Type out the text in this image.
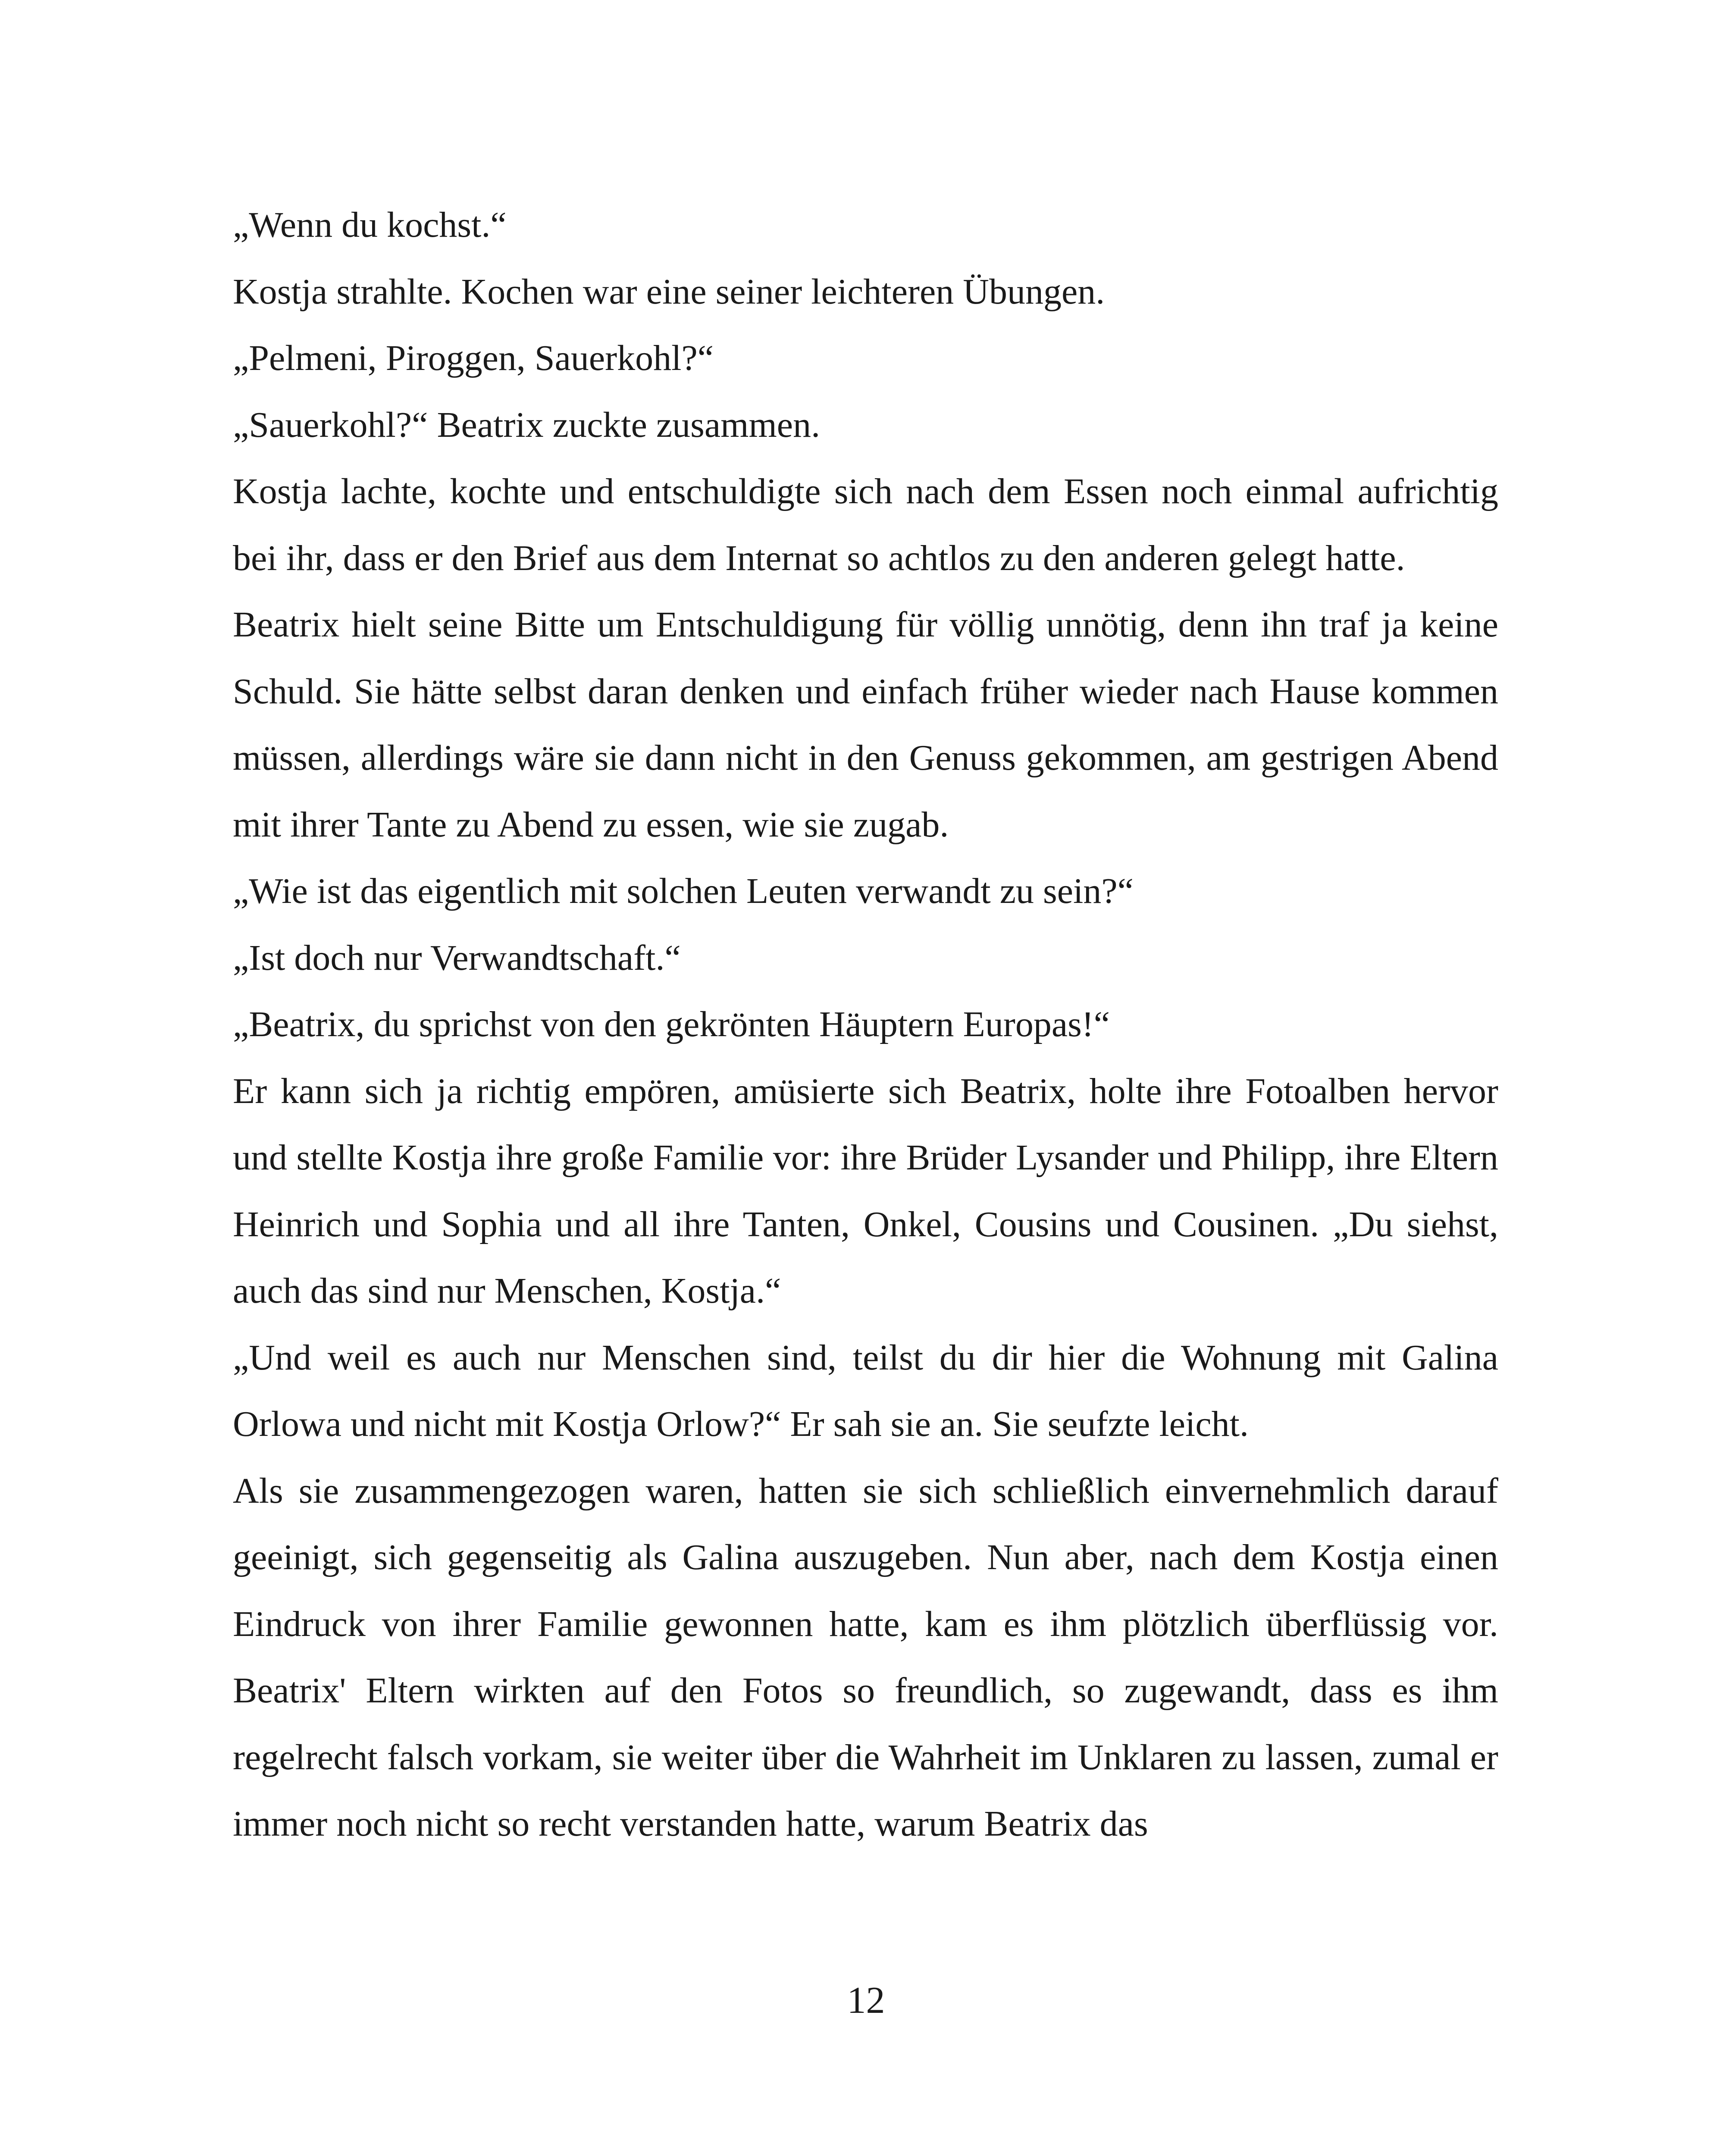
„Wenn du kochst.“

Kostja strahlte. Kochen war eine seiner leichteren Übungen.

„Pelmeni, Piroggen, Sauerkohl?“

„Sauerkohl?“ Beatrix zuckte zusammen.

Kostja lachte, kochte und entschuldigte sich nach dem Essen noch einmal aufrichtig bei ihr, dass er den Brief aus dem Internat so achtlos zu den anderen gelegt hatte.

Beatrix hielt seine Bitte um Entschuldigung für völlig unnötig, denn ihn traf ja keine Schuld. Sie hätte selbst daran denken und einfach früher wieder nach Hause kommen müssen, allerdings wäre sie dann nicht in den Genuss gekommen, am gestrigen Abend mit ihrer Tante zu Abend zu essen, wie sie zugab.

„Wie ist das eigentlich mit solchen Leuten verwandt zu sein?“

„Ist doch nur Verwandtschaft.“

„Beatrix, du sprichst von den gekrönten Häuptern Europas!“

Er kann sich ja richtig empören, amüsierte sich Beatrix, holte ihre Fotoalben hervor und stellte Kostja ihre große Familie vor: ihre Brüder Lysander und Philipp, ihre Eltern Heinrich und Sophia und all ihre Tanten, Onkel, Cousins und Cousinen. „Du siehst, auch das sind nur Menschen, Kostja.“

„Und weil es auch nur Menschen sind, teilst du dir hier die Wohnung mit Galina Orlowa und nicht mit Kostja Orlow?“ Er sah sie an. Sie seufzte leicht.

Als sie zusammengezogen waren, hatten sie sich schließlich einvernehmlich darauf geeinigt, sich gegenseitig als Galina auszugeben. Nun aber, nach dem Kostja einen Eindruck von ihrer Familie gewonnen hatte, kam es ihm plötzlich überflüssig vor. Beatrix' Eltern wirkten auf den Fotos so freundlich, so zugewandt, dass es ihm regelrecht falsch vorkam, sie weiter über die Wahrheit im Unklaren zu lassen, zumal er immer noch nicht so recht verstanden hatte, warum Beatrix das

12
